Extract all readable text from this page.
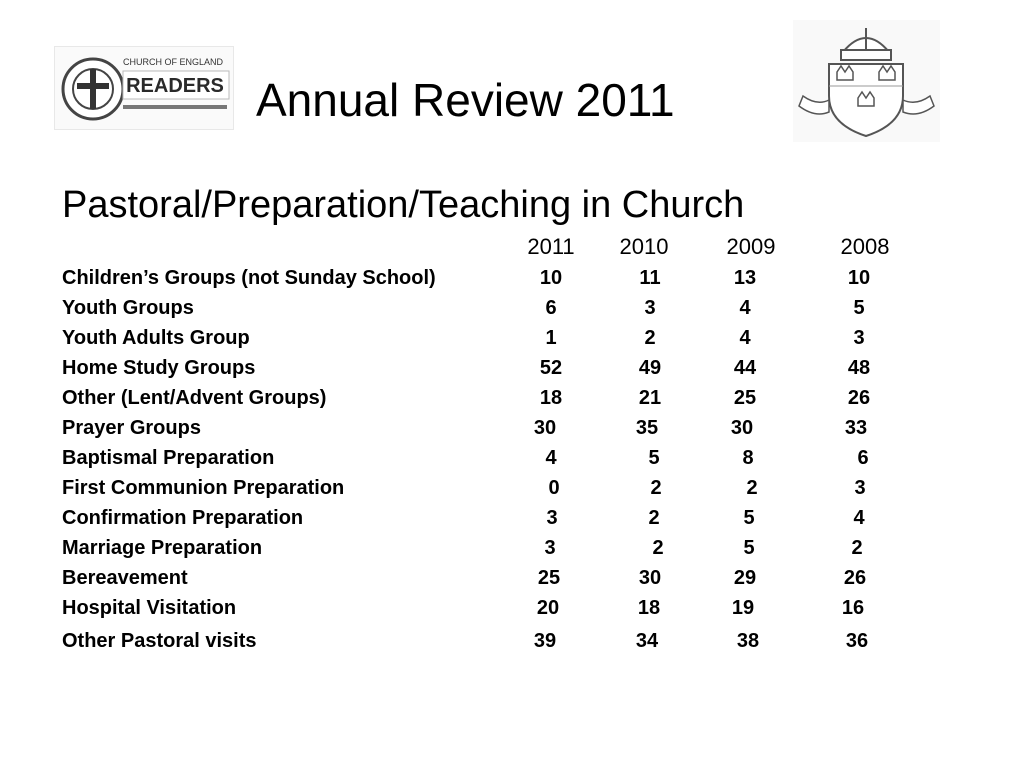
CHURCH OF ENGLAND
READERS Annual Review 2011
Pastoral/Preparation/Teaching in Church
2011	2010	2009	2008
Children’s Groups (not Sunday School)	10	11	13	10
Youth Groups	6	3	4	5
Youth Adults Group	1	2	4	3
Home Study Groups	52	49	44	48
Other (Lent/Advent Groups)	18	21	25	26
Prayer Groups	30	35	30	33
Baptismal Preparation	4	5	8	6
First Communion Preparation	0	2	2	3
Confirmation Preparation	3	2	5	4
Marriage Preparation	3	2	5	2
Bereavement	25	30	29	26
Hospital Visitation	20	18	19	16
Other Pastoral visits	39	34	38	36
